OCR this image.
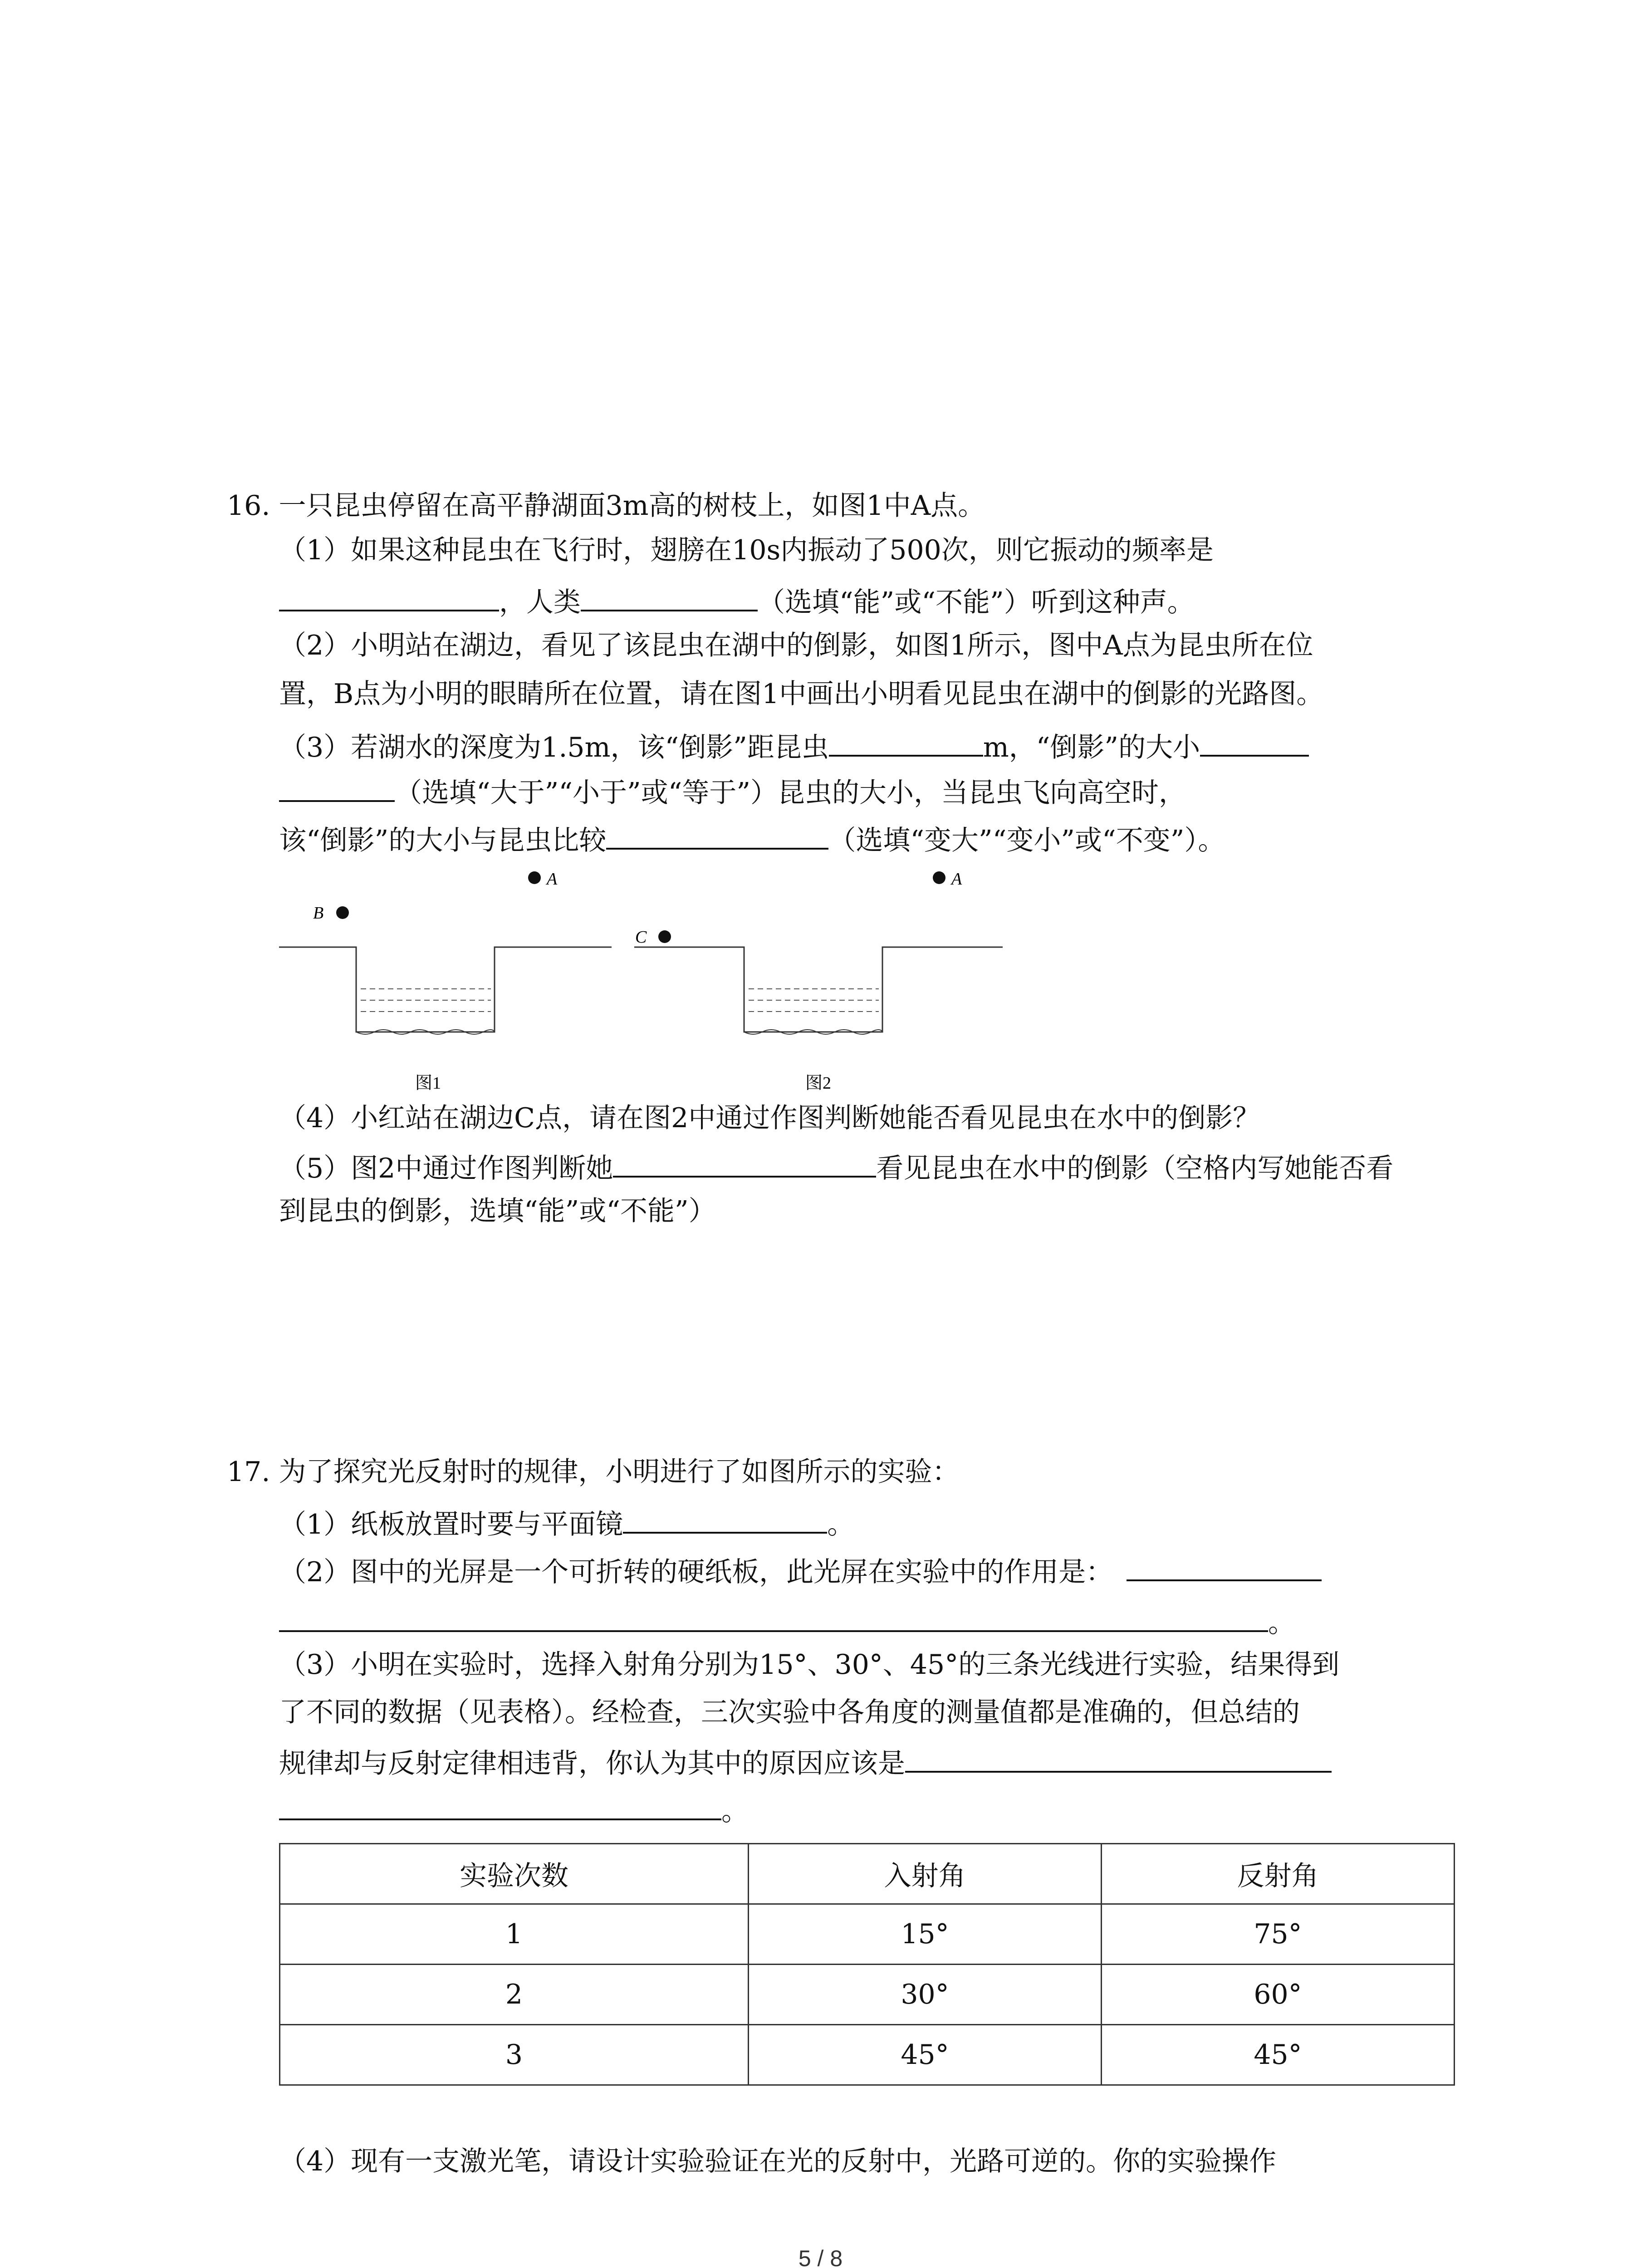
16. 一只昆虫停留在高平静湖面3m高的树枝上，如图1中A点。
（1）如果这种昆虫在飞行时，翅膀在10s内振动了500次，则它振动的频率是
，人类	（选填“能”或“不能”）听到这种声。
（2）小明站在湖边，看见了该昆虫在湖中的倒影，如图1所示，图中A点为昆虫所在位
置，B点为小明的眼睛所在位置，请在图1中画出小明看见昆虫在湖中的倒影的光路图。
（3）若湖水的深度为1.5m，该“倒影”距昆虫	m，“倒影”的大小
（选填“大于”“小于”或“等于”）昆虫的大小，当昆虫飞向高空时，
该“倒影”的大小与昆虫比较	（选填“变大”“变小”或“不变”）。
B
A
图1
C
A
图2
（4）小红站在湖边C点，请在图2中通过作图判断她能否看见昆虫在水中的倒影？
（5）图2中通过作图判断她	看见昆虫在水中的倒影（空格内写她能否看
到昆虫的倒影，选填“能”或“不能”）
17. 为了探究光反射时的规律，小明进行了如图所示的实验：
（1）纸板放置时要与平面镜	。
（2）图中的光屏是一个可折转的硬纸板，此光屏在实验中的作用是：
。
（3）小明在实验时，选择入射角分别为15°、30°、45°的三条光线进行实验，结果得到
了不同的数据（见表格）。经检查，三次实验中各角度的测量值都是准确的，但总结的
规律却与反射定律相违背，你认为其中的原因应该是
。
实验次数	入射角	反射角
1	15°	75°
2	30°	60°
3	45°	45°
（4）现有一支激光笔，请设计实验验证在光的反射中，光路可逆的。你的实验操作
5 / 8
